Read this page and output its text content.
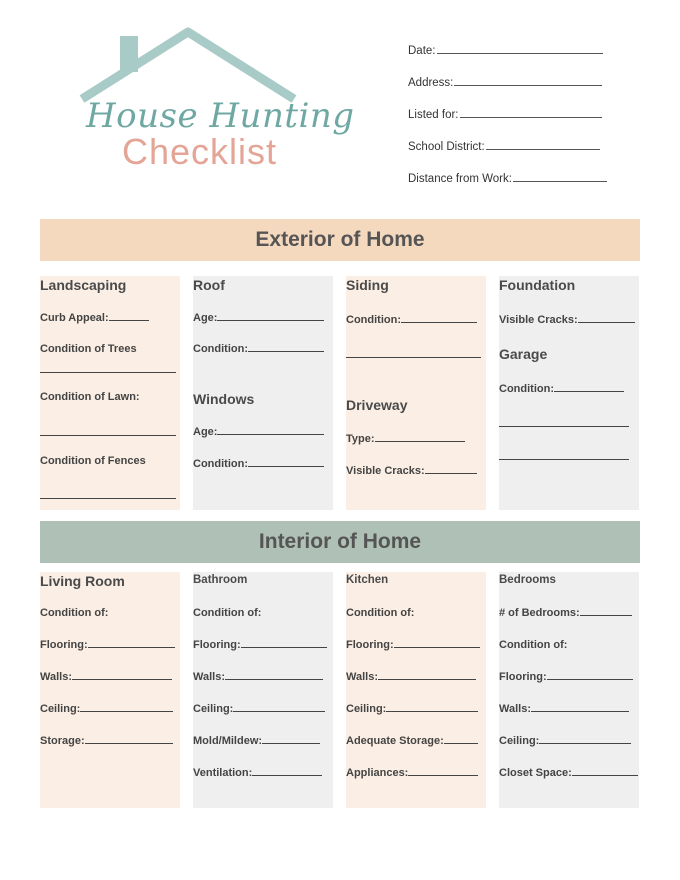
House Hunting
Checklist
Date:
Address:
Listed for:
School District:
Distance from Work:
Exterior of Home
Landscaping
Curb Appeal:
Condition of Trees
Condition of Lawn:
Condition of Fences
Roof
Age:
Condition:
Windows
Age:
Condition:
Siding
Condition:
Driveway
Type:
Visible Cracks:
Foundation
Visible Cracks:
Garage
Condition:
Interior of Home
Living Room
Condition of:
Flooring:
Walls:
Ceiling:
Storage:
Bathroom
Condition of:
Flooring:
Walls:
Ceiling:
Mold/Mildew:
Ventilation:
Kitchen
Condition of:
Flooring:
Walls:
Ceiling:
Adequate Storage:
Appliances:
Bedrooms
# of Bedrooms:
Condition of:
Flooring:
Walls:
Ceiling:
Closet Space:
